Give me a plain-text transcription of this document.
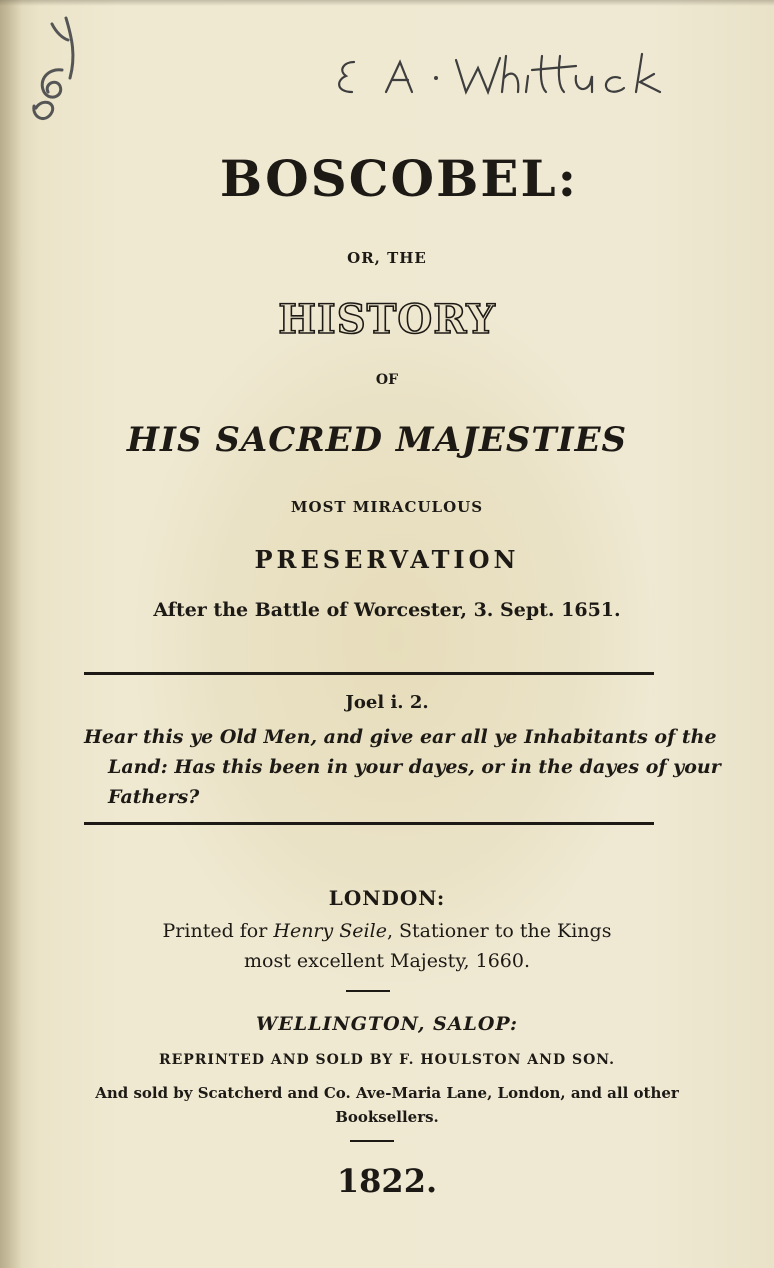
BOSCOBEL:
OR, THE
HISTORY
OF
HIS SACRED MAJESTIES
MOST MIRACULOUS
PRESERVATION
After the Battle of Worcester, 3. Sept. 1651.
Joel i. 2.
Hear this ye Old Men, and give ear all ye Inhabitants of the
Land: Has this been in your dayes, or in the dayes of your
Fathers?
LONDON:
Printed for Henry Seile, Stationer to the Kings
most excellent Majesty, 1660.
WELLINGTON, SALOP:
REPRINTED AND SOLD BY F. HOULSTON AND SON.
And sold by Scatcherd and Co. Ave-Maria Lane, London, and all other
Booksellers.
1822.
